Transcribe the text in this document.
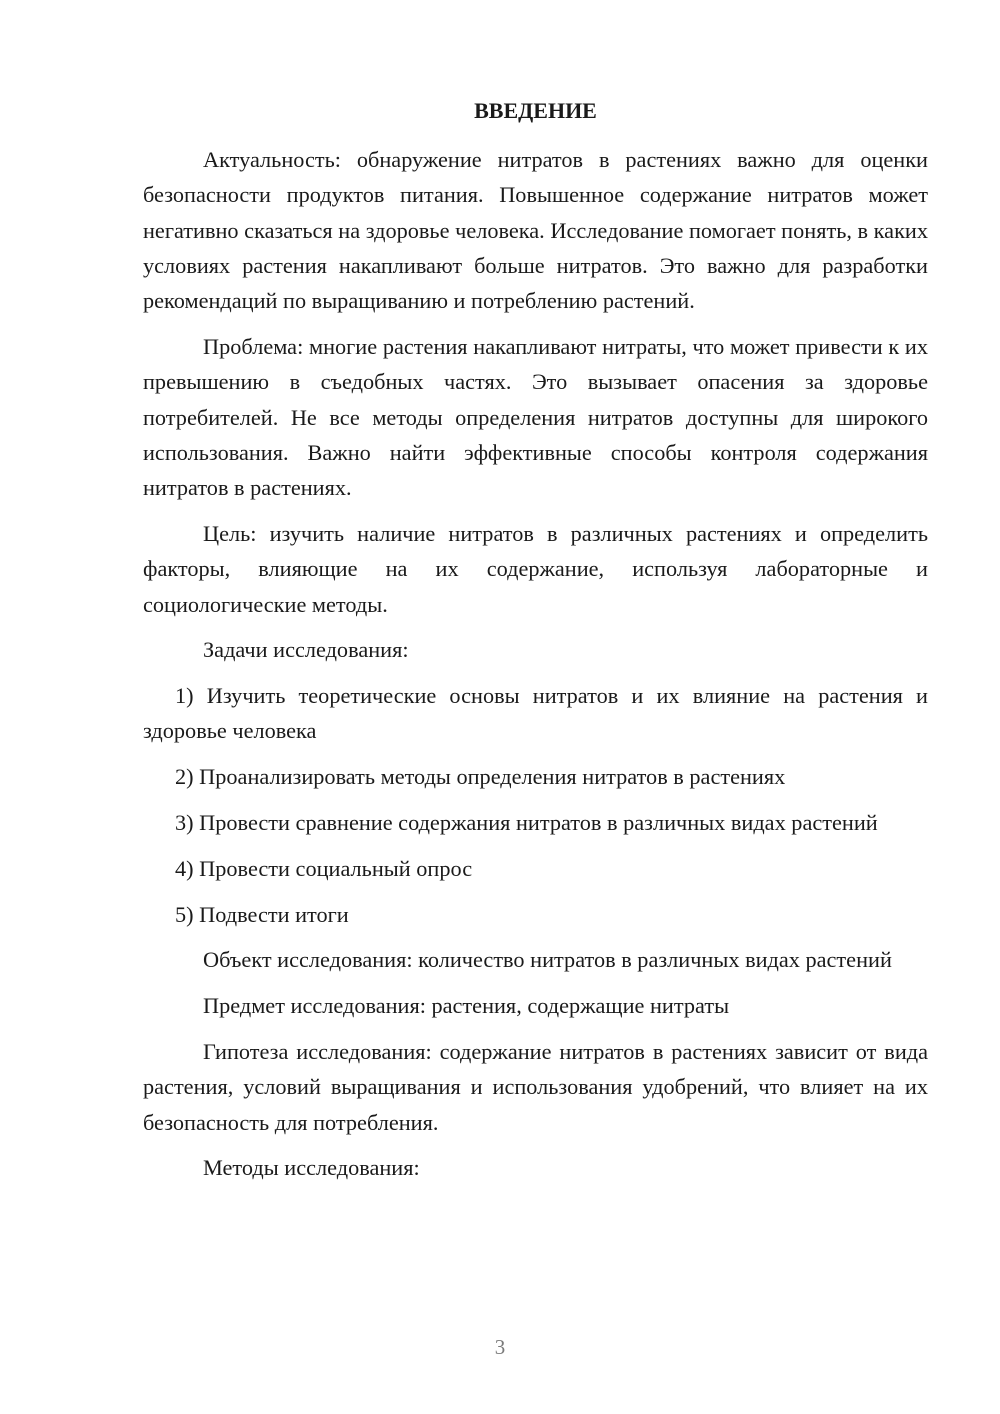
ВВЕДЕНИЕ

Актуальность: обнаружение нитратов в растениях важно для оценки безопасности продуктов питания. Повышенное содержание нитратов может негативно сказаться на здоровье человека. Исследование помогает понять, в каких условиях растения накапливают больше нитратов. Это важно для разработки рекомендаций по выращиванию и потреблению растений.

Проблема: многие растения накапливают нитраты, что может привести к их превышению в съедобных частях. Это вызывает опасения за здоровье потребителей. Не все методы определения нитратов доступны для широкого использования. Важно найти эффективные способы контроля содержания нитратов в растениях.

Цель: изучить наличие нитратов в различных растениях и определить факторы, влияющие на их содержание, используя лабораторные и социологические методы.

Задачи исследования:

1) Изучить теоретические основы нитратов и их влияние на растения и здоровье человека

2) Проанализировать методы определения нитратов в растениях

3) Провести сравнение содержания нитратов в различных видах растений

4) Провести социальный опрос

5) Подвести итоги

Объект исследования: количество нитратов в различных видах растений

Предмет исследования: растения, содержащие нитраты

Гипотеза исследования: содержание нитратов в растениях зависит от вида растения, условий выращивания и использования удобрений, что влияет на их безопасность для потребления.

Методы исследования:

3
